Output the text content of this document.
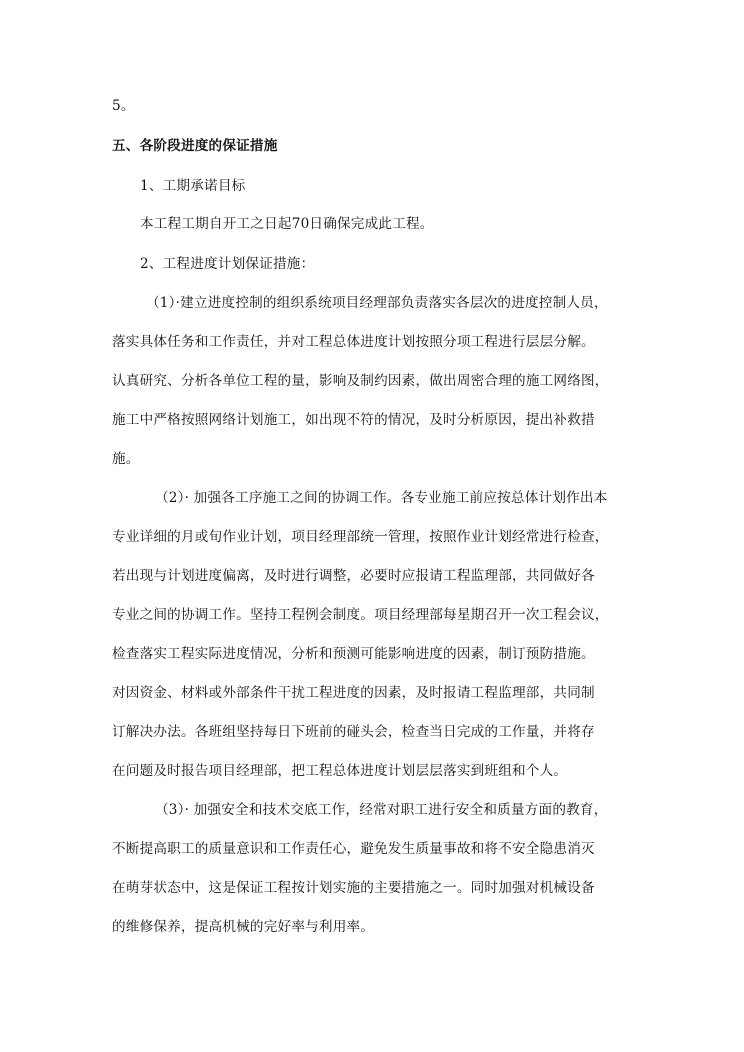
5。
五、各阶段进度的保证措施
1、工期承诺目标
本工程工期自开工之日起70日确保完成此工程。
2、工程进度计划保证措施：
（1）·建立进度控制的组织系统项目经理部负责落实各层次的进度控制人员，
落实具体任务和工作责任，并对工程总体进度计划按照分项工程进行层层分解。
认真研究、分析各单位工程的量，影响及制约因素，做出周密合理的施工网络图，
施工中严格按照网络计划施工，如出现不符的情况，及时分析原因，提出补救措
施。
（2）· 加强各工序施工之间的协调工作。各专业施工前应按总体计划作出本
专业详细的月或旬作业计划，项目经理部统一管理，按照作业计划经常进行检查，
若出现与计划进度偏离，及时进行调整，必要时应报请工程监理部，共同做好各
专业之间的协调工作。坚持工程例会制度。项目经理部每星期召开一次工程会议，
检查落实工程实际进度情况，分析和预测可能影响进度的因素，制订预防措施。
对因资金、材料或外部条件干扰工程进度的因素，及时报请工程监理部，共同制
订解决办法。各班组坚持每日下班前的碰头会，检查当日完成的工作量，并将存
在问题及时报告项目经理部，把工程总体进度计划层层落实到班组和个人。
（3）· 加强安全和技术交底工作，经常对职工进行安全和质量方面的教育，
不断提高职工的质量意识和工作责任心，避免发生质量事故和将不安全隐患消灭
在萌芽状态中，这是保证工程按计划实施的主要措施之一。同时加强对机械设备
的维修保养，提高机械的完好率与利用率。
